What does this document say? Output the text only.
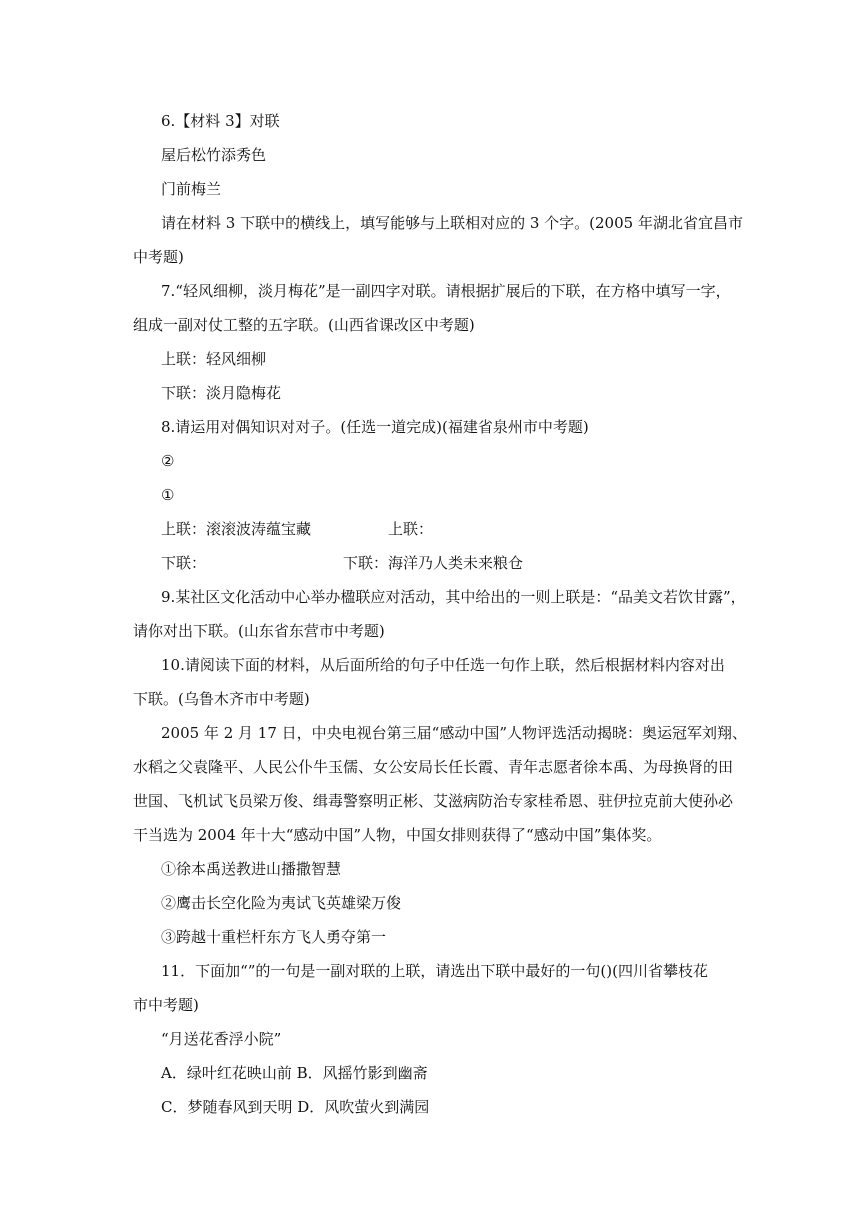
6.【材料 3】对联
屋后松竹添秀色
门前梅兰
请在材料 3 下联中的横线上，填写能够与上联相对应的 3 个字。(2005 年湖北省宜昌市
中考题)
7.“轻风细柳，淡月梅花”是一副四字对联。请根据扩展后的下联，在方格中填写一字，
组成一副对仗工整的五字联。(山西省课改区中考题)
上联：轻风细柳
下联：淡月隐梅花
8.请运用对偶知识对对子。(任选一道完成)(福建省泉州市中考题)
②
①
上联：滚滚波涛蕴宝藏	上联：
下联：	下联：海洋乃人类未来粮仓
9.某社区文化活动中心举办楹联应对活动，其中给出的一则上联是：“品美文若饮甘露”，
请你对出下联。(山东省东营市中考题)
10.请阅读下面的材料，从后面所给的句子中任选一句作上联，然后根据材料内容对出
下联。(乌鲁木齐市中考题)
2005 年 2 月 17 日，中央电视台第三届“感动中国”人物评选活动揭晓：奥运冠军刘翔、
水稻之父袁隆平、人民公仆牛玉儒、女公安局长任长霞、青年志愿者徐本禹、为母换肾的田
世国、飞机试飞员梁万俊、缉毒警察明正彬、艾滋病防治专家桂希恩、驻伊拉克前大使孙必
干当选为 2004 年十大“感动中国”人物，中国女排则获得了“感动中国”集体奖。
①徐本禹送教进山播撒智慧
②鹰击长空化险为夷试飞英雄梁万俊
③跨越十重栏杆东方飞人勇夺第一
11．下面加“”的一句是一副对联的上联，请选出下联中最好的一句()(四川省攀枝花
市中考题)
“月送花香浮小院”
A．绿叶红花映山前 B．风摇竹影到幽斋
C．梦随春风到天明 D．风吹萤火到满园
